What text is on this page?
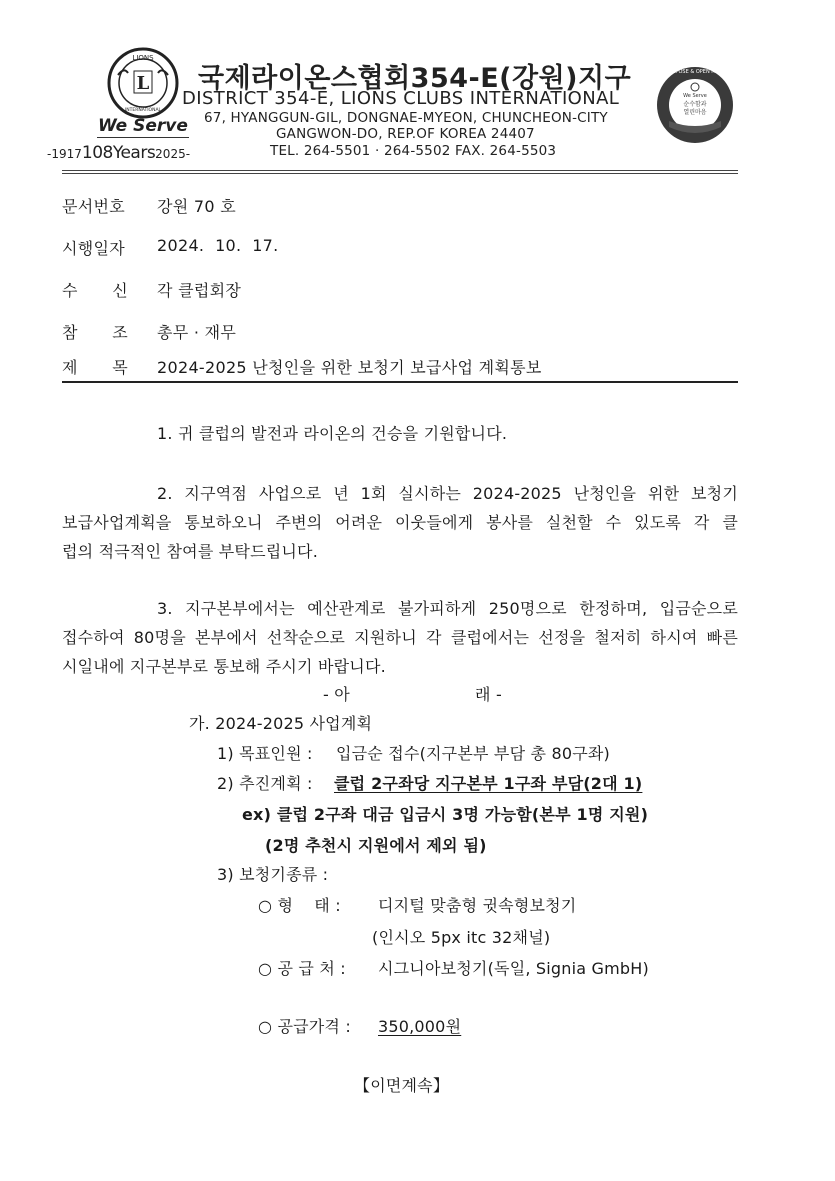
L
LIONS
INTERNATIONAL
We Serve
-1917108Years2025-
국제라이온스협회354-E(강원)지구
DISTRICT 354-E, LIONS CLUBS INTERNATIONAL
67, HYANGGUN-GIL, DONGNAE-MYEON, CHUNCHEON-CITY
GANGWON-DO, REP.OF KOREA 24407
TEL. 264-5501 · 264-5502 FAX. 264-5503
PURPOSE & OPEN MIND
We Serve
순수함과
열린마음
문서번호 강원 70 호
시행일자 2024.  10.  17.
수 신 각 클럽회장
참 조 총무 · 재무
제 목 2024-2025 난청인을 위한 보청기 보급사업 계획통보
1. 귀 클럽의 발전과 라이온의 건승을 기원합니다.
2. 지구역점 사업으로 년 1회 실시하는 2024-2025 난청인을 위한 보청기
보급사업계획을 통보하오니 주변의 어려운 이웃들에게 봉사를 실천할 수 있도록 각 클
럽의 적극적인 참여를 부탁드립니다.
3. 지구본부에서는 예산관계로 불가피하게 250명으로 한정하며, 입금순으로
접수하여 80명을 본부에서 선착순으로 지원하니 각 클럽에서는 선정을 철저히 하시여 빠른
시일내에 지구본부로 통보해 주시기 바랍니다.
- 아	래 -
가. 2024-2025 사업계획
1) 목표인원 : 입금순 접수(지구본부 부담 총 80구좌)
2) 추진계획 : 클럽 2구좌당 지구본부 1구좌 부담(2대 1)
ex) 클럽 2구좌 대금 입금시 3명 가능함(본부 1명 지원)
(2명 추천시 지원에서 제외 됨)
3) 보청기종류 :
○ 형    태 : 디지털 맞춤형 귓속형보청기
(인시오 5px itc 32채널)
○ 공 급 처 : 시그니아보청기(독일, Signia GmbH)
○ 공급가격 : 350,000원
【이면계속】
